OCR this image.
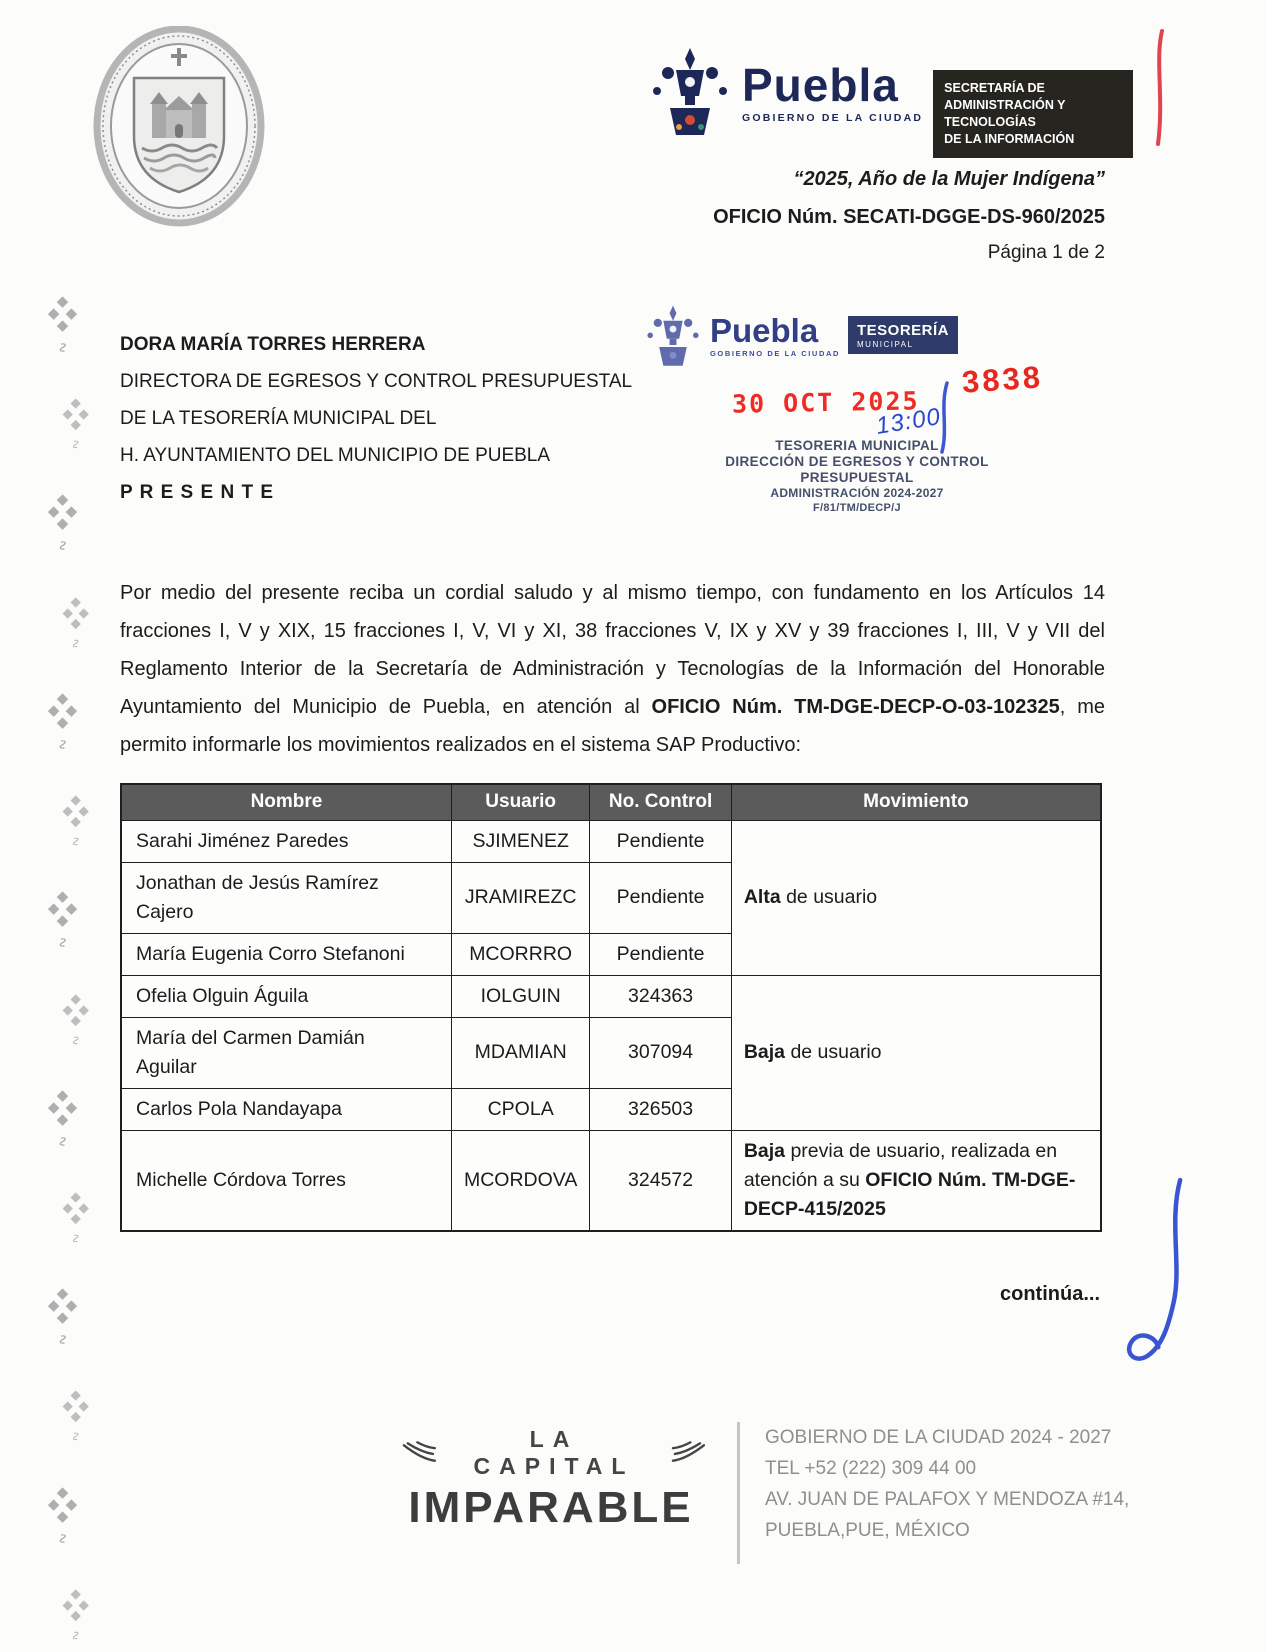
◆
◆ ◆
◆
∿
◆
◆ ◆
◆
∿
◆
◆ ◆
◆
∿
◆
◆ ◆
◆
∿
◆
◆ ◆
◆
∿
◆
◆ ◆
◆
∿
◆
◆ ◆
◆
∿
◆
◆ ◆
◆
∿
◆
◆ ◆
◆
∿
◆
◆ ◆
◆
∿
◆
◆ ◆
◆
∿
◆
◆ ◆
◆
∿
◆
◆ ◆
◆
∿
◆
◆ ◆
◆
∿
Puebla
GOBIERNO DE LA CIUDAD
SECRETARÍA DE
ADMINISTRACIÓN Y TECNOLOGÍAS
DE LA INFORMACIÓN
“2025, Año de la Mujer Indígena”
OFICIO Núm. SECATI-DGGE-DS-960/2025
Página 1 de 2
DORA MARÍA TORRES HERRERA
DIRECTORA DE EGRESOS Y CONTROL PRESUPUESTAL
DE LA TESORERÍA MUNICIPAL DEL
H. AYUNTAMIENTO DEL MUNICIPIO DE PUEBLA
P R E S E N T E
Puebla
GOBIERNO DE LA CIUDAD
TESORERÍA
MUNICIPAL
3838
30 OCT 2025
13:00
TESORERIA MUNICIPAL
DIRECCIÓN DE EGRESOS Y CONTROL
PRESUPUESTAL
ADMINISTRACIÓN 2024-2027
F/81/TM/DECP/J

Por medio del presente reciba un cordial saludo y al mismo tiempo, con fundamento en los Artículos 14 fracciones I, V y XIX, 15 fracciones I, V, VI y XI, 38 fracciones V, IX y XV y 39 fracciones I, III, V y VII del Reglamento Interior de la Secretaría de Administración y Tecnologías de la Información del Honorable Ayuntamiento del Municipio de Puebla, en atención al OFICIO Núm. TM-DGE-DECP-O-03-102325, me permito informarle los movimientos realizados en el sistema SAP Productivo:

Nombre	Usuario	No. Control	Movimiento
Sarahi Jiménez Paredes	SJIMENEZ	Pendiente	Alta de usuario
Jonathan de Jesús Ramírez Cajero	JRAMIREZC	Pendiente	
María Eugenia Corro Stefanoni	MCORRRO	Pendiente	
Ofelia Olguin Águila	IOLGUIN	324363	Baja de usuario
María del Carmen Damián Aguilar	MDAMIAN	307094	
Carlos Pola Nandayapa	CPOLA	326503	
Michelle Córdova Torres	MCORDOVA	324572	Baja previa de usuario, realizada en atención a su OFICIO Núm. TM-DGE-DECP-415/2025
continúa...
LA CAPITAL
IMPARABLE
GOBIERNO DE LA CIUDAD 2024 - 2027
TEL +52 (222) 309 44 00
AV. JUAN DE PALAFOX Y MENDOZA #14,
PUEBLA,PUE, MÉXICO
